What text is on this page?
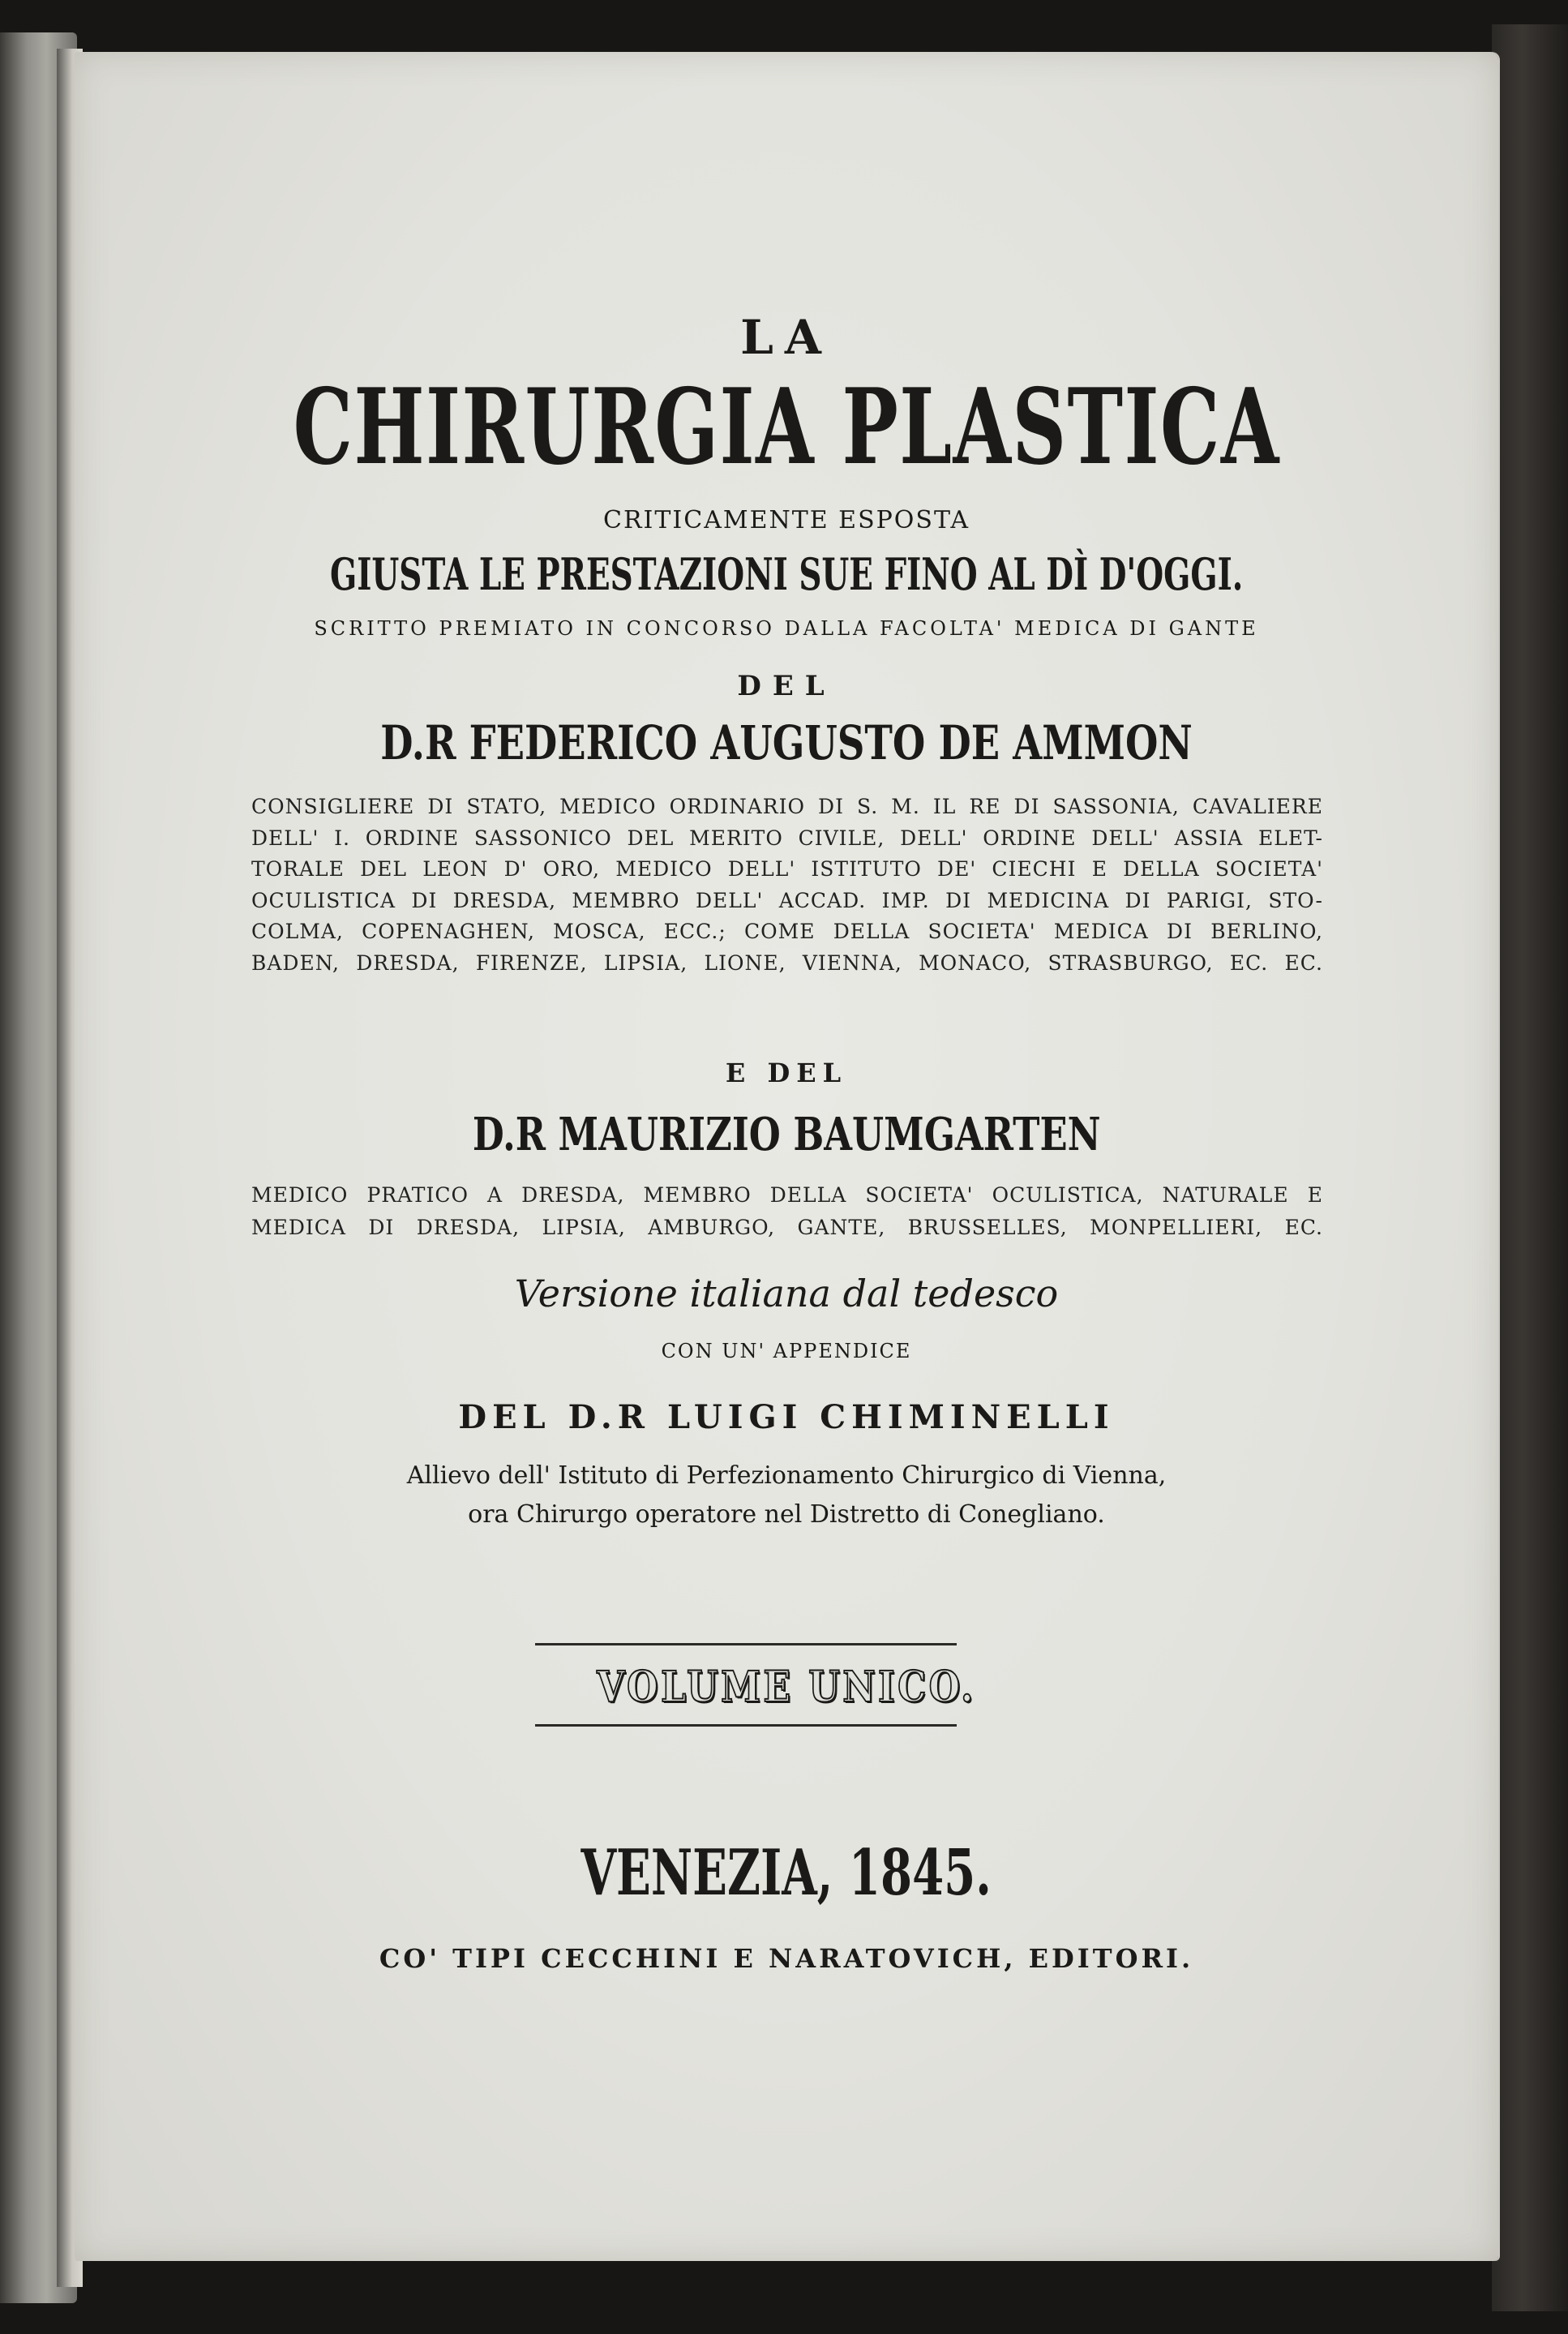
LA
CHIRURGIA PLASTICA
CRITICAMENTE ESPOSTA
GIUSTA LE PRESTAZIONI SUE FINO AL DÌ D'OGGI.
SCRITTO PREMIATO IN CONCORSO DALLA FACOLTA' MEDICA DI GANTE
DEL
D.R FEDERICO AUGUSTO DE AMMON
CONSIGLIERE DI STATO, MEDICO ORDINARIO DI S. M. IL RE DI SASSONIA, CAVALIERE
DELL' I. ORDINE SASSONICO DEL MERITO CIVILE, DELL' ORDINE DELL' ASSIA ELET-
TORALE DEL LEON D' ORO, MEDICO DELL' ISTITUTO DE' CIECHI E DELLA SOCIETA'
OCULISTICA DI DRESDA, MEMBRO DELL' ACCAD. IMP. DI MEDICINA DI PARIGI, STO-
COLMA, COPENAGHEN, MOSCA, ECC.; COME DELLA SOCIETA' MEDICA DI BERLINO,
BADEN, DRESDA, FIRENZE, LIPSIA, LIONE, VIENNA, MONACO, STRASBURGO, EC. EC.
E DEL
D.R MAURIZIO BAUMGARTEN
MEDICO PRATICO A DRESDA, MEMBRO DELLA SOCIETA' OCULISTICA, NATURALE E
MEDICA DI DRESDA, LIPSIA, AMBURGO, GANTE, BRUSSELLES, MONPELLIERI, EC.
Versione italiana dal tedesco
CON UN' APPENDICE
DEL D.R LUIGI CHIMINELLI
Allievo dell' Istituto di Perfezionamento Chirurgico di Vienna,
ora Chirurgo operatore nel Distretto di Conegliano.
VOLUME UNICO.
VENEZIA, 1845.
CO' TIPI CECCHINI E NARATOVICH, EDITORI.
